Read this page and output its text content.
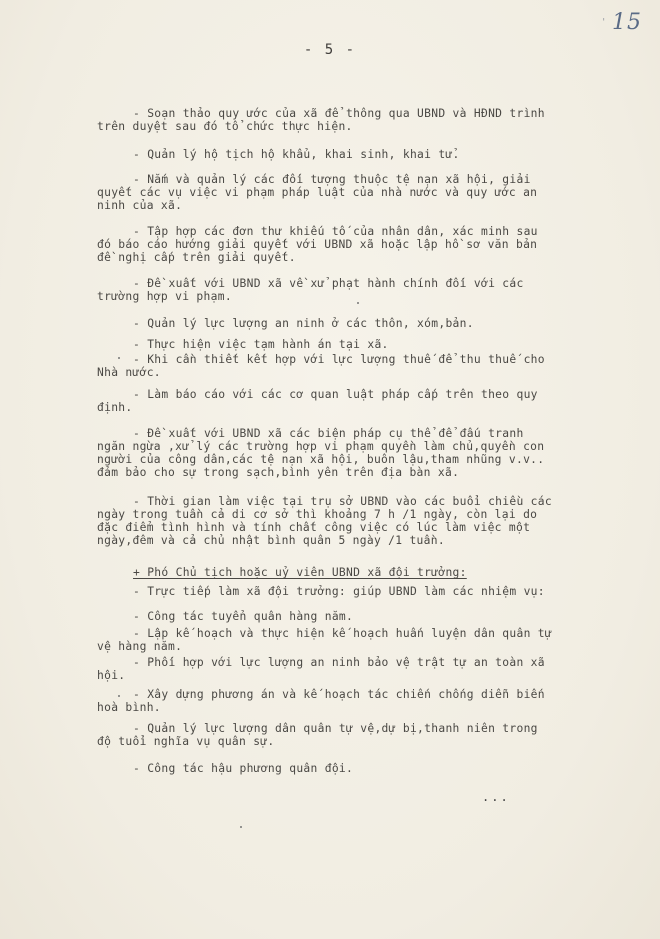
' 15
- 5 -
- Soạn thảo quy ước của xã để thông qua UBND và HĐND trình
trên duyệt sau đó tổ chức thực hiện.
- Quản lý hộ tịch hộ khẩu, khai sinh, khai tử.
- Nắm và quản lý các đối tượng thuộc tệ nạn xã hội, giải
quyết các vụ việc vi phạm pháp luật của nhà nước và quy ước an
ninh của xã.
- Tập hợp các đơn thư khiếu tố của nhân dân, xác minh sau
đó báo cáo hướng giải quyết với UBND xã hoặc lập hồ sơ văn bản
đề nghị cấp trên giải quyết.
- Đề xuất với UBND xã về xử phạt hành chính đối với các
trường hợp vi phạm.
- Quản lý lực lượng an ninh ở các thôn, xóm,bản.
- Thực hiện việc tạm hành án tại xã.
- Khi cần thiết kết hợp với lực lượng thuế để thu thuế cho
Nhà nước.
- Làm báo cáo với các cơ quan luật pháp cấp trên theo quy
định.
- Đề xuất với UBND xã các biện pháp cụ thể để đấu tranh
ngăn ngừa ,xử lý các trường hợp vi phạm quyền làm chủ,quyền con
người của công dân,các tệ nạn xã hội, buôn lậu,tham nhũng v.v..
đảm bảo cho sự trong sạch,bình yên trên địa bàn xã.
- Thời gian làm việc tại trụ sở UBND vào các buổi chiều các
ngày trong tuần cả di cơ sở thì khoảng 7 h /1 ngày, còn lại do
đặc điểm tình hình và tính chất công việc có lúc làm việc một
ngày,đêm và cả chủ nhật bình quân 5 ngày /1 tuần.
+ Phó Chủ tịch hoặc uỷ viên UBND xã đội trưởng:
- Trực tiếp làm xã đội trưởng: giúp UBND làm các nhiệm vụ:
- Công tác tuyển quân hàng năm.
- Lập kế hoạch và thực hiện kế hoạch huấn luyện dân quân tự
vệ hàng năm.
- Phối hợp với lực lượng an ninh bảo vệ trật tự an toàn xã
hội.
- Xây dựng phương án và kế hoạch tác chiến chống diễn biến
hoà bình.
- Quản lý lực lượng dân quân tự vệ,dự bị,thanh niên trong
độ tuổi nghĩa vụ quân sự.
- Công tác hậu phương quân đội.
...
